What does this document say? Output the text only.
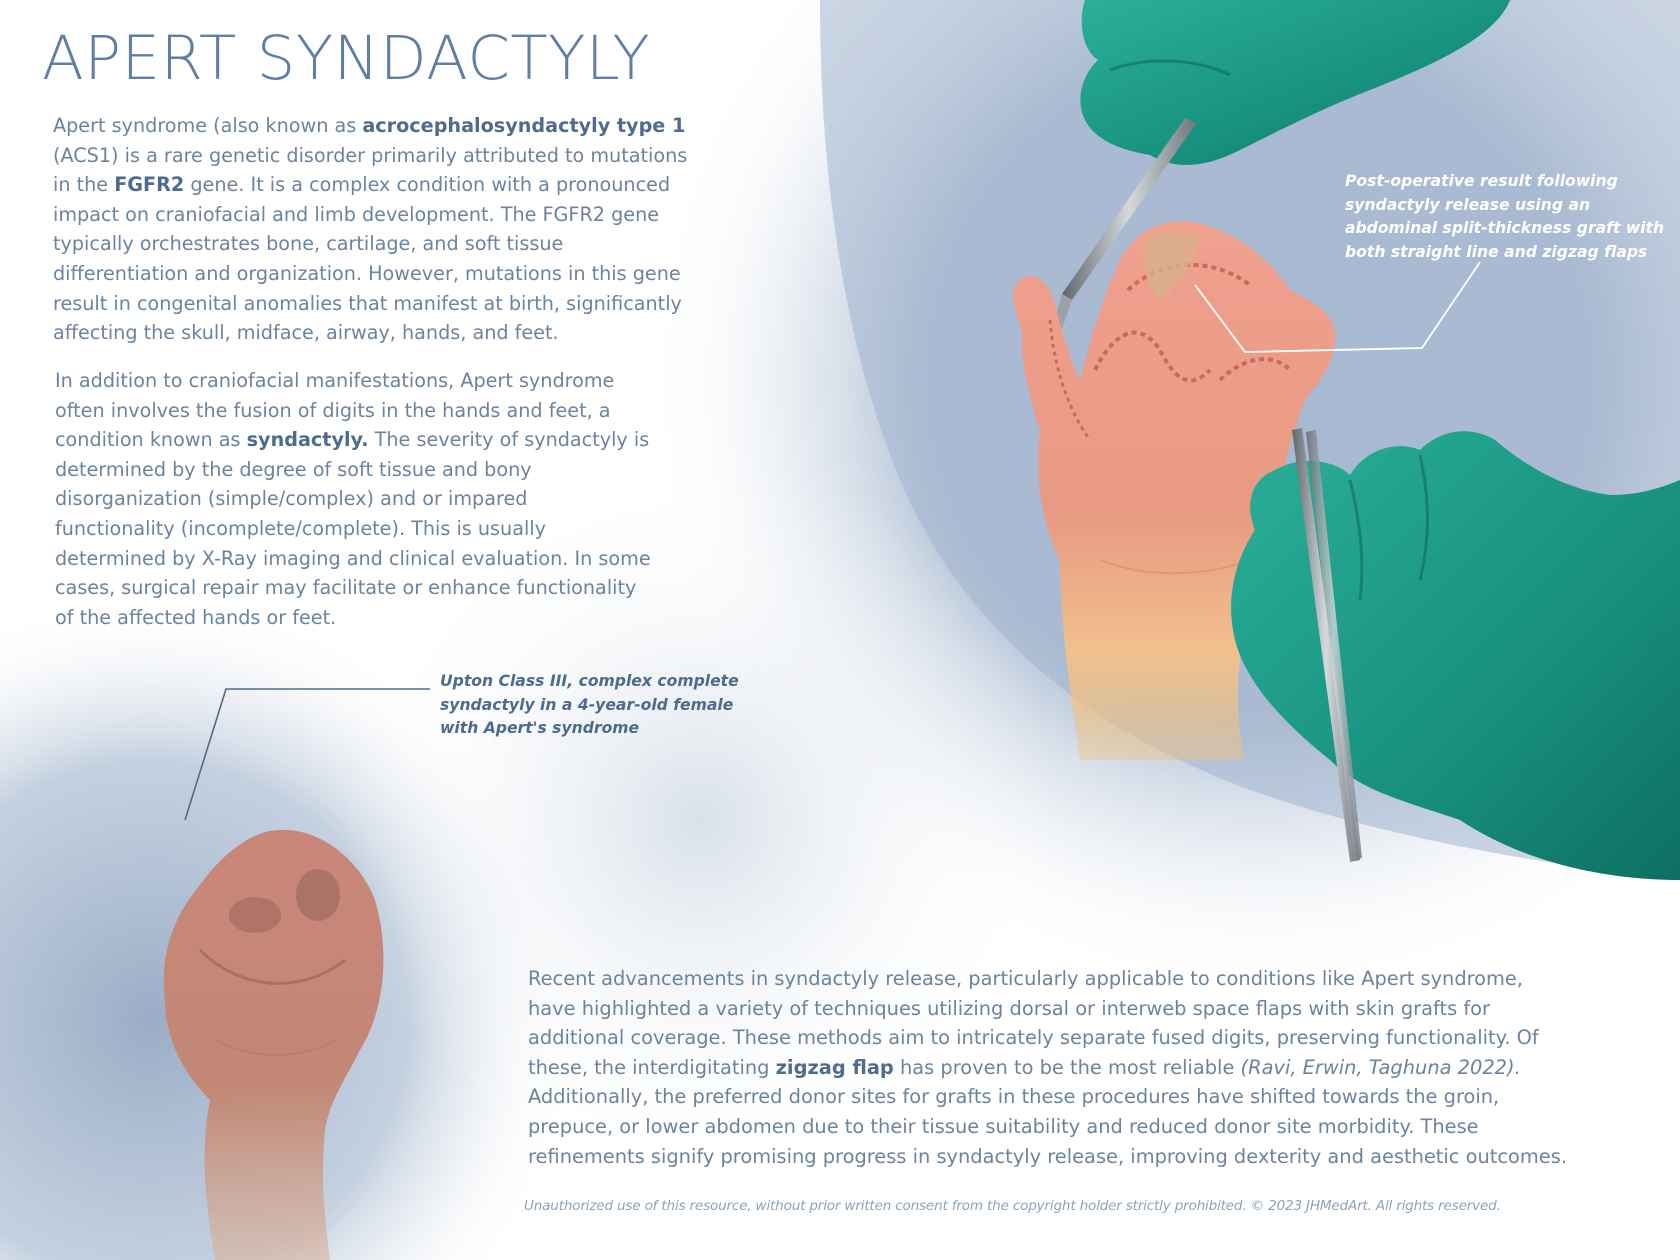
APERT SYNDACTYLY
Apert syndrome (also known as acrocephalosyndactyly type 1
(ACS1) is a rare genetic disorder primarily attributed to mutations
in the FGFR2 gene. It is a complex condition with a pronounced
impact on craniofacial and limb development. The FGFR2 gene
typically orchestrates bone, cartilage, and soft tissue
differentiation and organization. However, mutations in this gene
result in congenital anomalies that manifest at birth, significantly
affecting the skull, midface, airway, hands, and feet.
In addition to craniofacial manifestations, Apert syndrome
often involves the fusion of digits in the hands and feet, a
condition known as syndactyly. The severity of syndactyly is
determined by the degree of soft tissue and bony
disorganization (simple/complex) and or impared
functionality (incomplete/complete). This is usually
determined by X-Ray imaging and clinical evaluation. In some
cases, surgical repair may facilitate or enhance functionality
of the affected hands or feet.
Recent advancements in syndactyly release, particularly applicable to conditions like Apert syndrome,
have highlighted a variety of techniques utilizing dorsal or interweb space flaps with skin grafts for
additional coverage. These methods aim to intricately separate fused digits, preserving functionality. Of
these, the interdigitating zigzag flap has proven to be the most reliable (Ravi, Erwin, Taghuna 2022).
Additionally, the preferred donor sites for grafts in these procedures have shifted towards the groin,
prepuce, or lower abdomen due to their tissue suitability and reduced donor site morbidity. These
refinements signify promising progress in syndactyly release, improving dexterity and aesthetic outcomes.
Upton Class III, complex complete
syndactyly in a 4-year-old female
with Apert's syndrome
Post-operative result following
syndactyly release using an
abdominal split-thickness graft with
both straight line and zigzag flaps
Unauthorized use of this resource, without prior written consent from the copyright holder strictly prohibited. © 2023 JHMedArt. All rights reserved.
